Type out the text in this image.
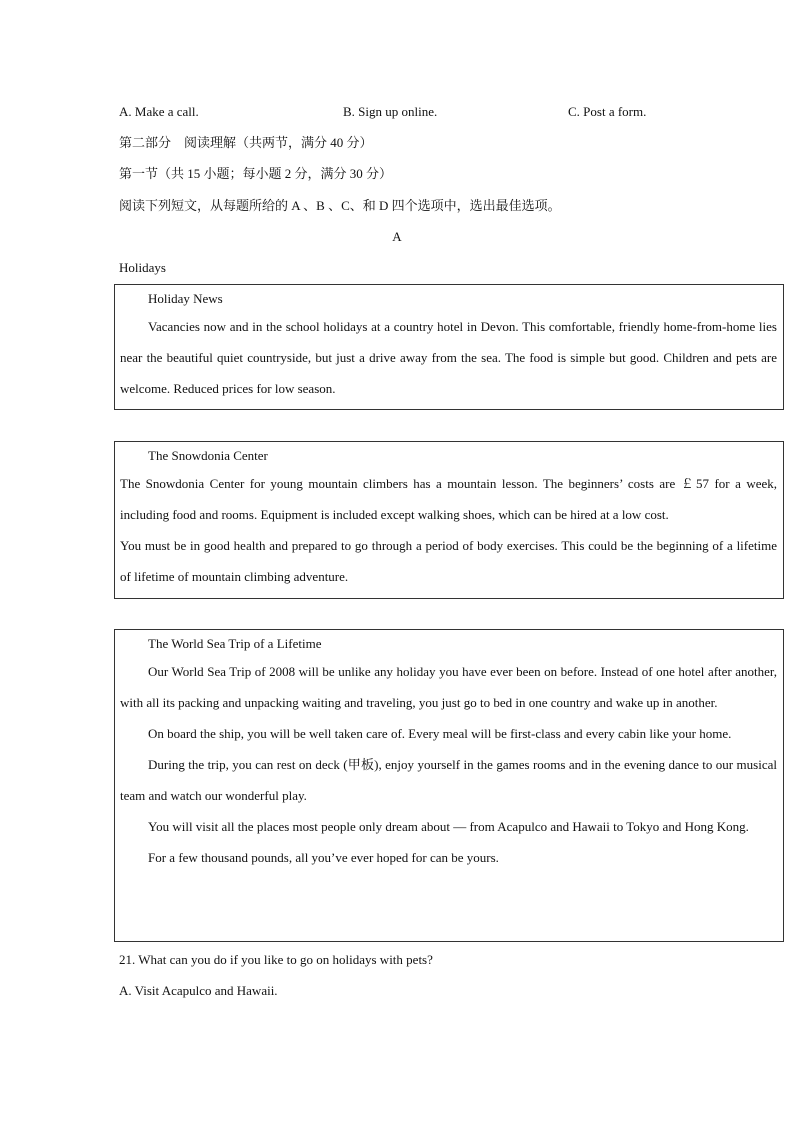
A. Make a call.	B. Sign up online.	C. Post a form.
第二部分　阅读理解（共两节，满分 40 分）
第一节（共 15 小题；每小题 2 分，满分 30 分）
阅读下列短文，从每题所给的 A 、B 、C、和 D 四个选项中，选出最佳选项。
A
Holidays

Holiday News

Vacancies now and in the school holidays at a country hotel in Devon. This comfortable, friendly home-from-home lies near the beautiful quiet countryside, but just a drive away from the sea. The food is simple but good. Children and pets are welcome. Reduced prices for low season.

The Snowdonia Center

The Snowdonia Center for young mountain climbers has a mountain lesson. The beginners’ costs are ￡57 for a week, including food and rooms. Equipment is included except walking shoes, which can be hired at a low cost.

You must be in good health and prepared to go through a period of body exercises. This could be the beginning of a lifetime of lifetime of mountain climbing adventure.

The World Sea Trip of a Lifetime

Our World Sea Trip of 2008 will be unlike any holiday you have ever been on before. Instead of one hotel after another, with all its packing and unpacking waiting and traveling, you just go to bed in one country and wake up in another.

On board the ship, you will be well taken care of. Every meal will be first-class and every cabin like your home.

During the trip, you can rest on deck (甲板), enjoy yourself in the games rooms and in the evening dance to our musical team and watch our wonderful play.

You will visit all the places most people only dream about — from Acapulco and Hawaii to Tokyo and Hong Kong.

For a few thousand pounds, all you’ve ever hoped for can be yours.

21. What can you do if you like to go on holidays with pets?
A. Visit Acapulco and Hawaii.
